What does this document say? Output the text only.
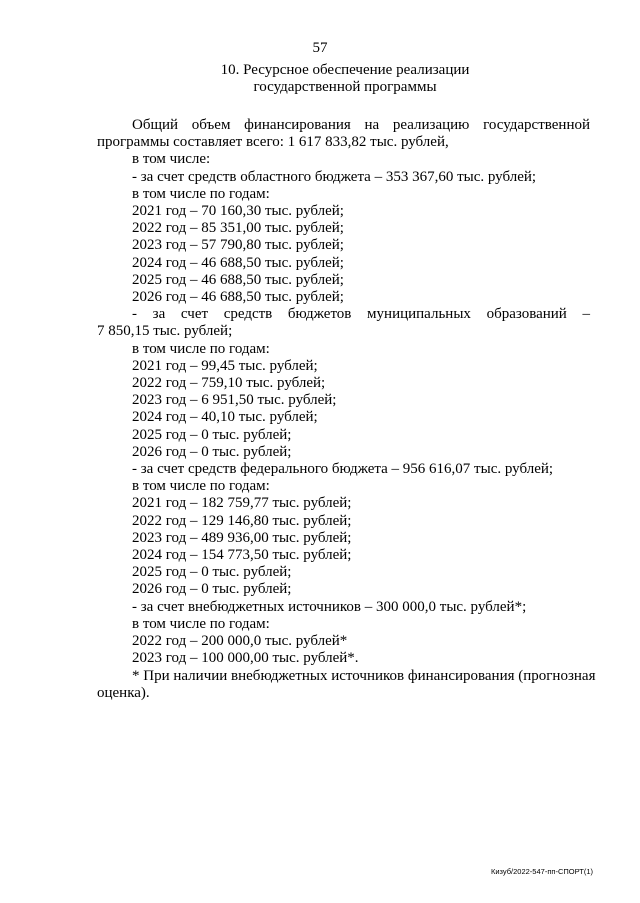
57
10. Ресурсное обеспечение реализации
государственной программы
Общий объем финансирования на реализацию государственной
программы составляет всего: 1 617 833,82 тыс. рублей,
в том числе:
- за счет средств областного бюджета – 353 367,60 тыс. рублей;
в том числе по годам:
2021 год – 70 160,30 тыс. рублей;
2022 год – 85 351,00 тыс. рублей;
2023 год – 57 790,80 тыс. рублей;
2024 год – 46 688,50 тыс. рублей;
2025 год – 46 688,50 тыс. рублей;
2026 год – 46 688,50 тыс. рублей;
- за счет средств бюджетов муниципальных образований –
7 850,15 тыс. рублей;
в том числе по годам:
2021 год – 99,45 тыс. рублей;
2022 год – 759,10 тыс. рублей;
2023 год – 6 951,50 тыс. рублей;
2024 год – 40,10 тыс. рублей;
2025 год – 0 тыс. рублей;
2026 год – 0 тыс. рублей;
- за счет средств федерального бюджета – 956 616,07 тыс. рублей;
в том числе по годам:
2021 год – 182 759,77 тыс. рублей;
2022 год – 129 146,80 тыс. рублей;
2023 год – 489 936,00 тыс. рублей;
2024 год – 154 773,50 тыс. рублей;
2025 год – 0 тыс. рублей;
2026 год – 0 тыс. рублей;
- за счет внебюджетных источников – 300 000,0 тыс. рублей*;
в том числе по годам:
2022 год – 200 000,0 тыс. рублей*
2023 год – 100 000,00 тыс. рублей*.
* При наличии внебюджетных источников финансирования (прогнозная
оценка).
Кизуб/2022-547-пп-СПОРТ(1)
